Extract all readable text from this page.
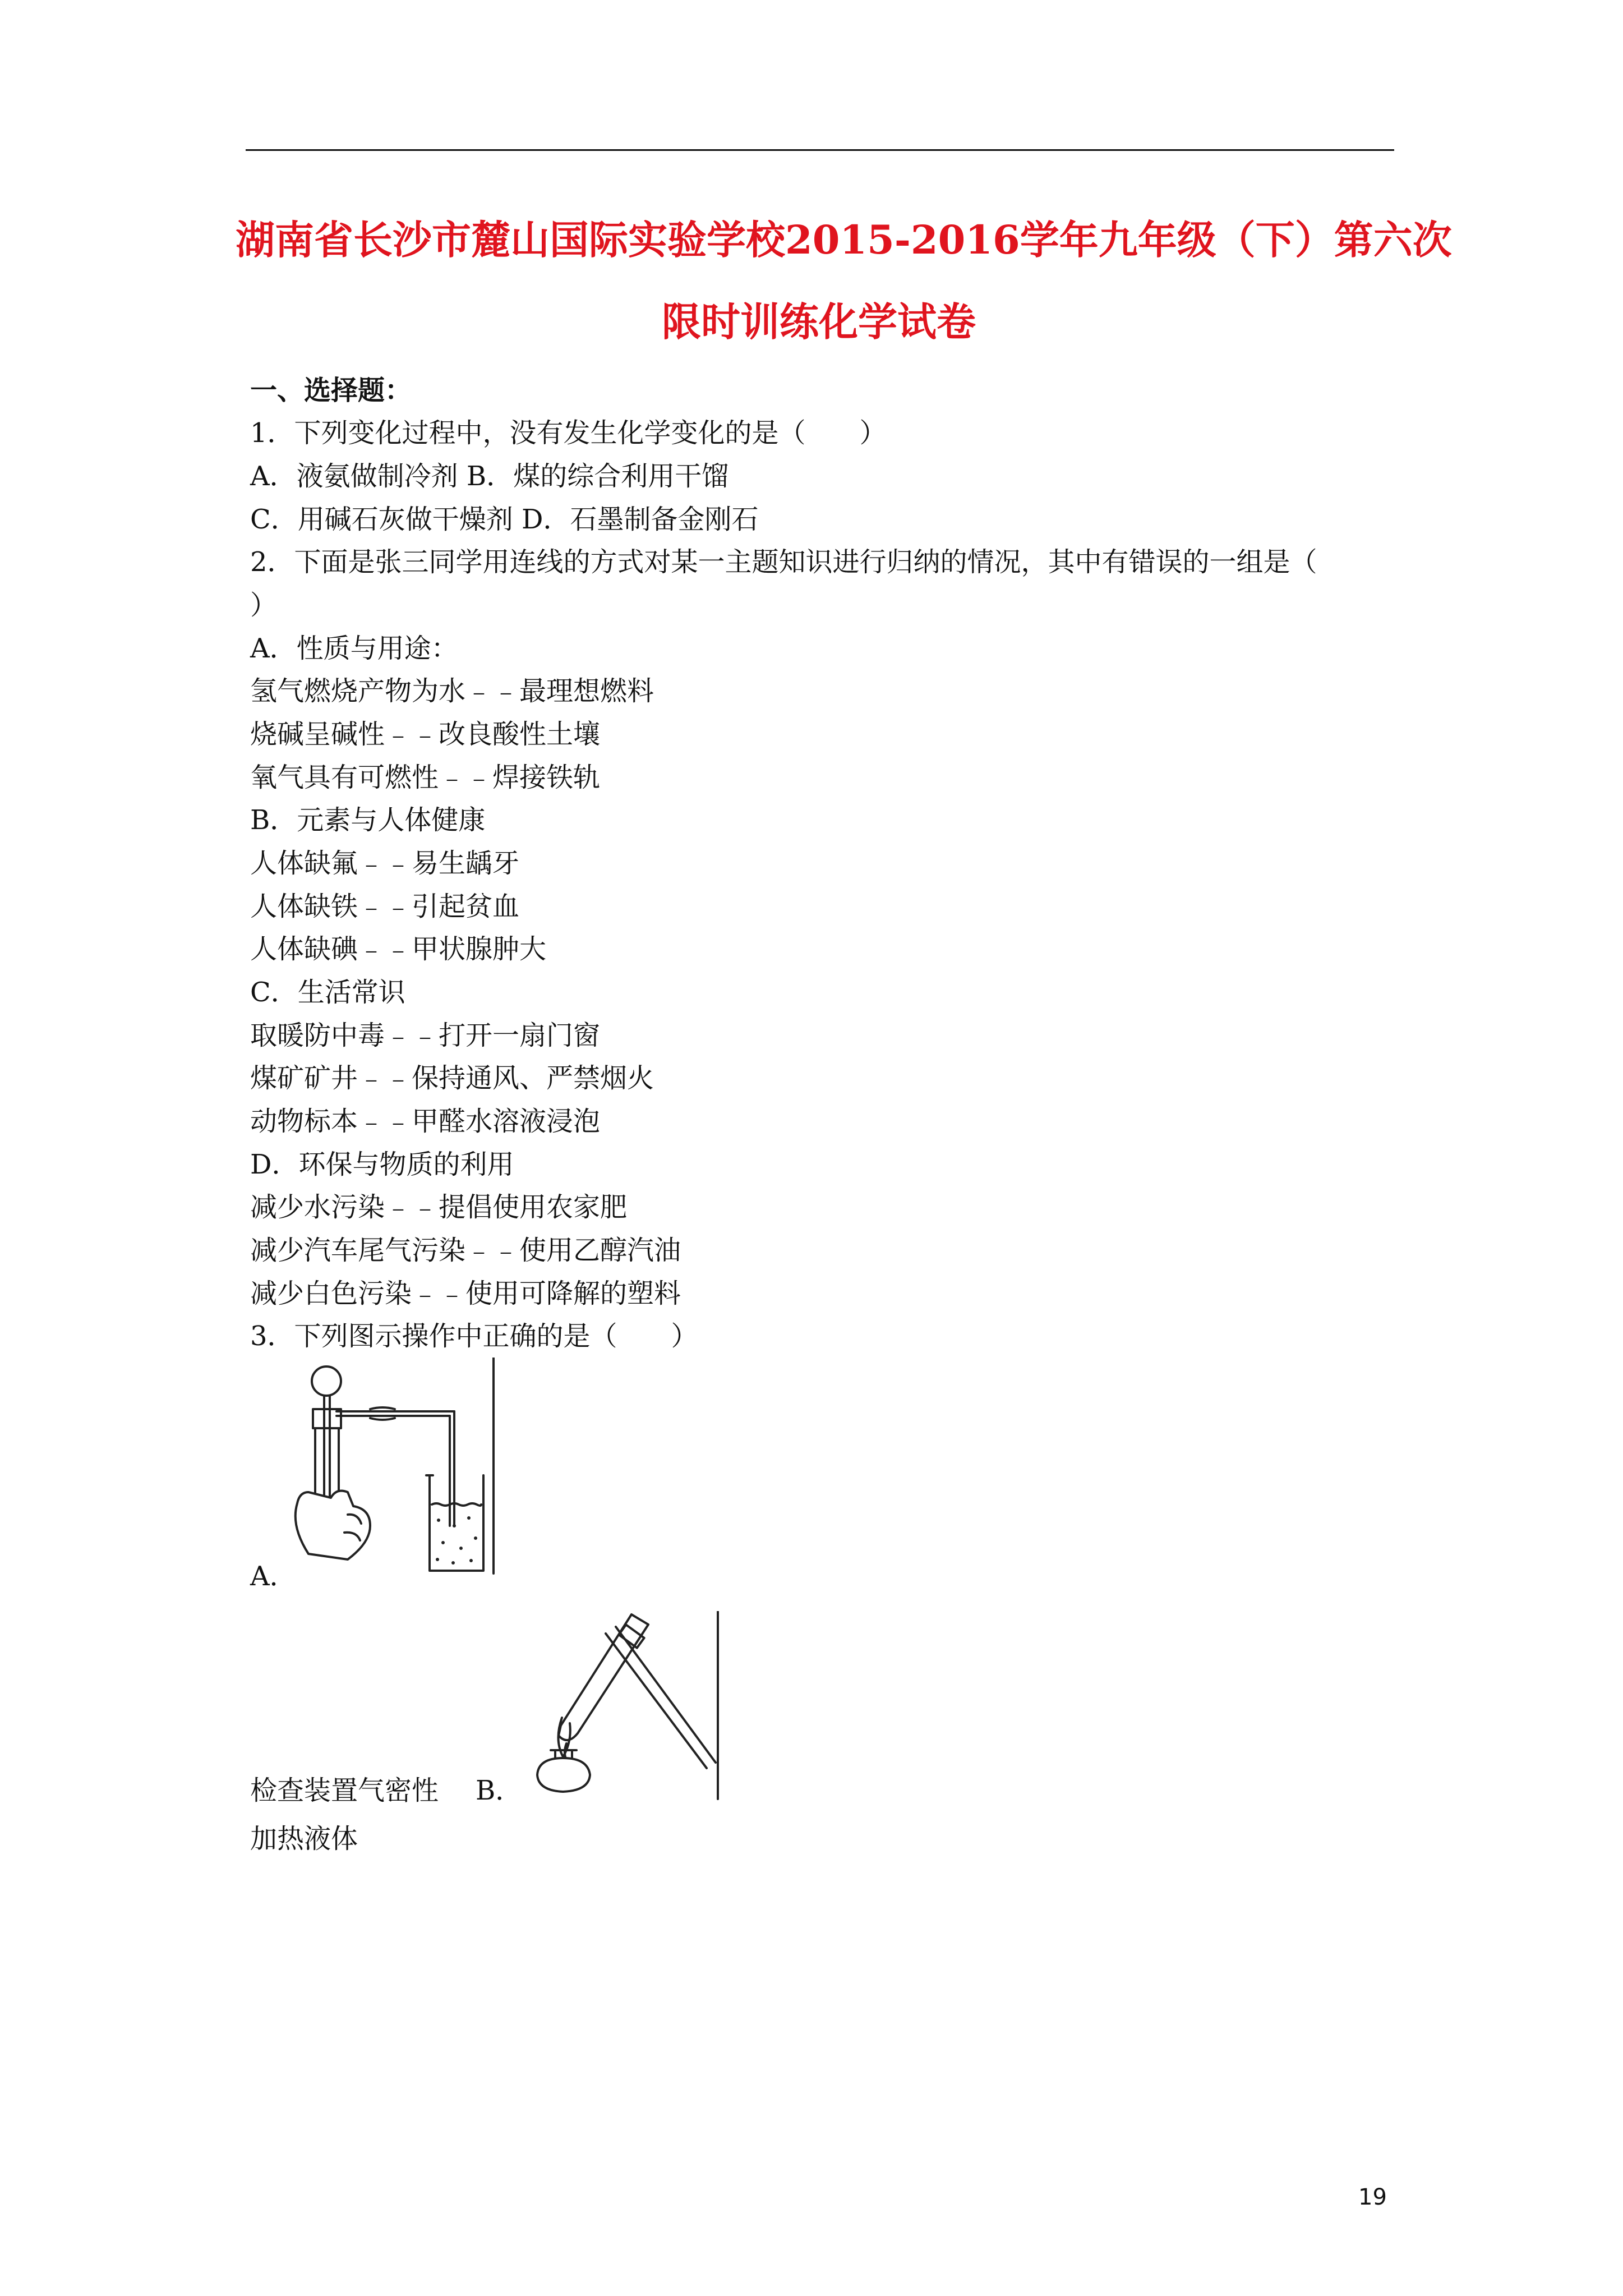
湖南省长沙市麓山国际实验学校2015-2016学年九年级（下）第六次
限时训练化学试卷
一、选择题：
1．下列变化过程中，没有发生化学变化的是（　　）
A．液氨做制冷剂 B．煤的综合利用干馏
C．用碱石灰做干燥剂 D．石墨制备金刚石
2．下面是张三同学用连线的方式对某一主题知识进行归纳的情况，其中有错误的一组是（
）
A．性质与用途：
氢气燃烧产物为水﹣﹣最理想燃料
烧碱呈碱性﹣﹣改良酸性土壤
氧气具有可燃性﹣﹣焊接铁轨
B．元素与人体健康
人体缺氟﹣﹣易生龋牙
人体缺铁﹣﹣引起贫血
人体缺碘﹣﹣甲状腺肿大
C．生活常识
取暖防中毒﹣﹣打开一扇门窗
煤矿矿井﹣﹣保持通风、严禁烟火
动物标本﹣﹣甲醛水溶液浸泡
D．环保与物质的利用
减少水污染﹣﹣提倡使用农家肥
减少汽车尾气污染﹣﹣使用乙醇汽油
减少白色污染﹣﹣使用可降解的塑料
3．下列图示操作中正确的是（　　）
A．
检查装置气密性 B．
加热液体
19
